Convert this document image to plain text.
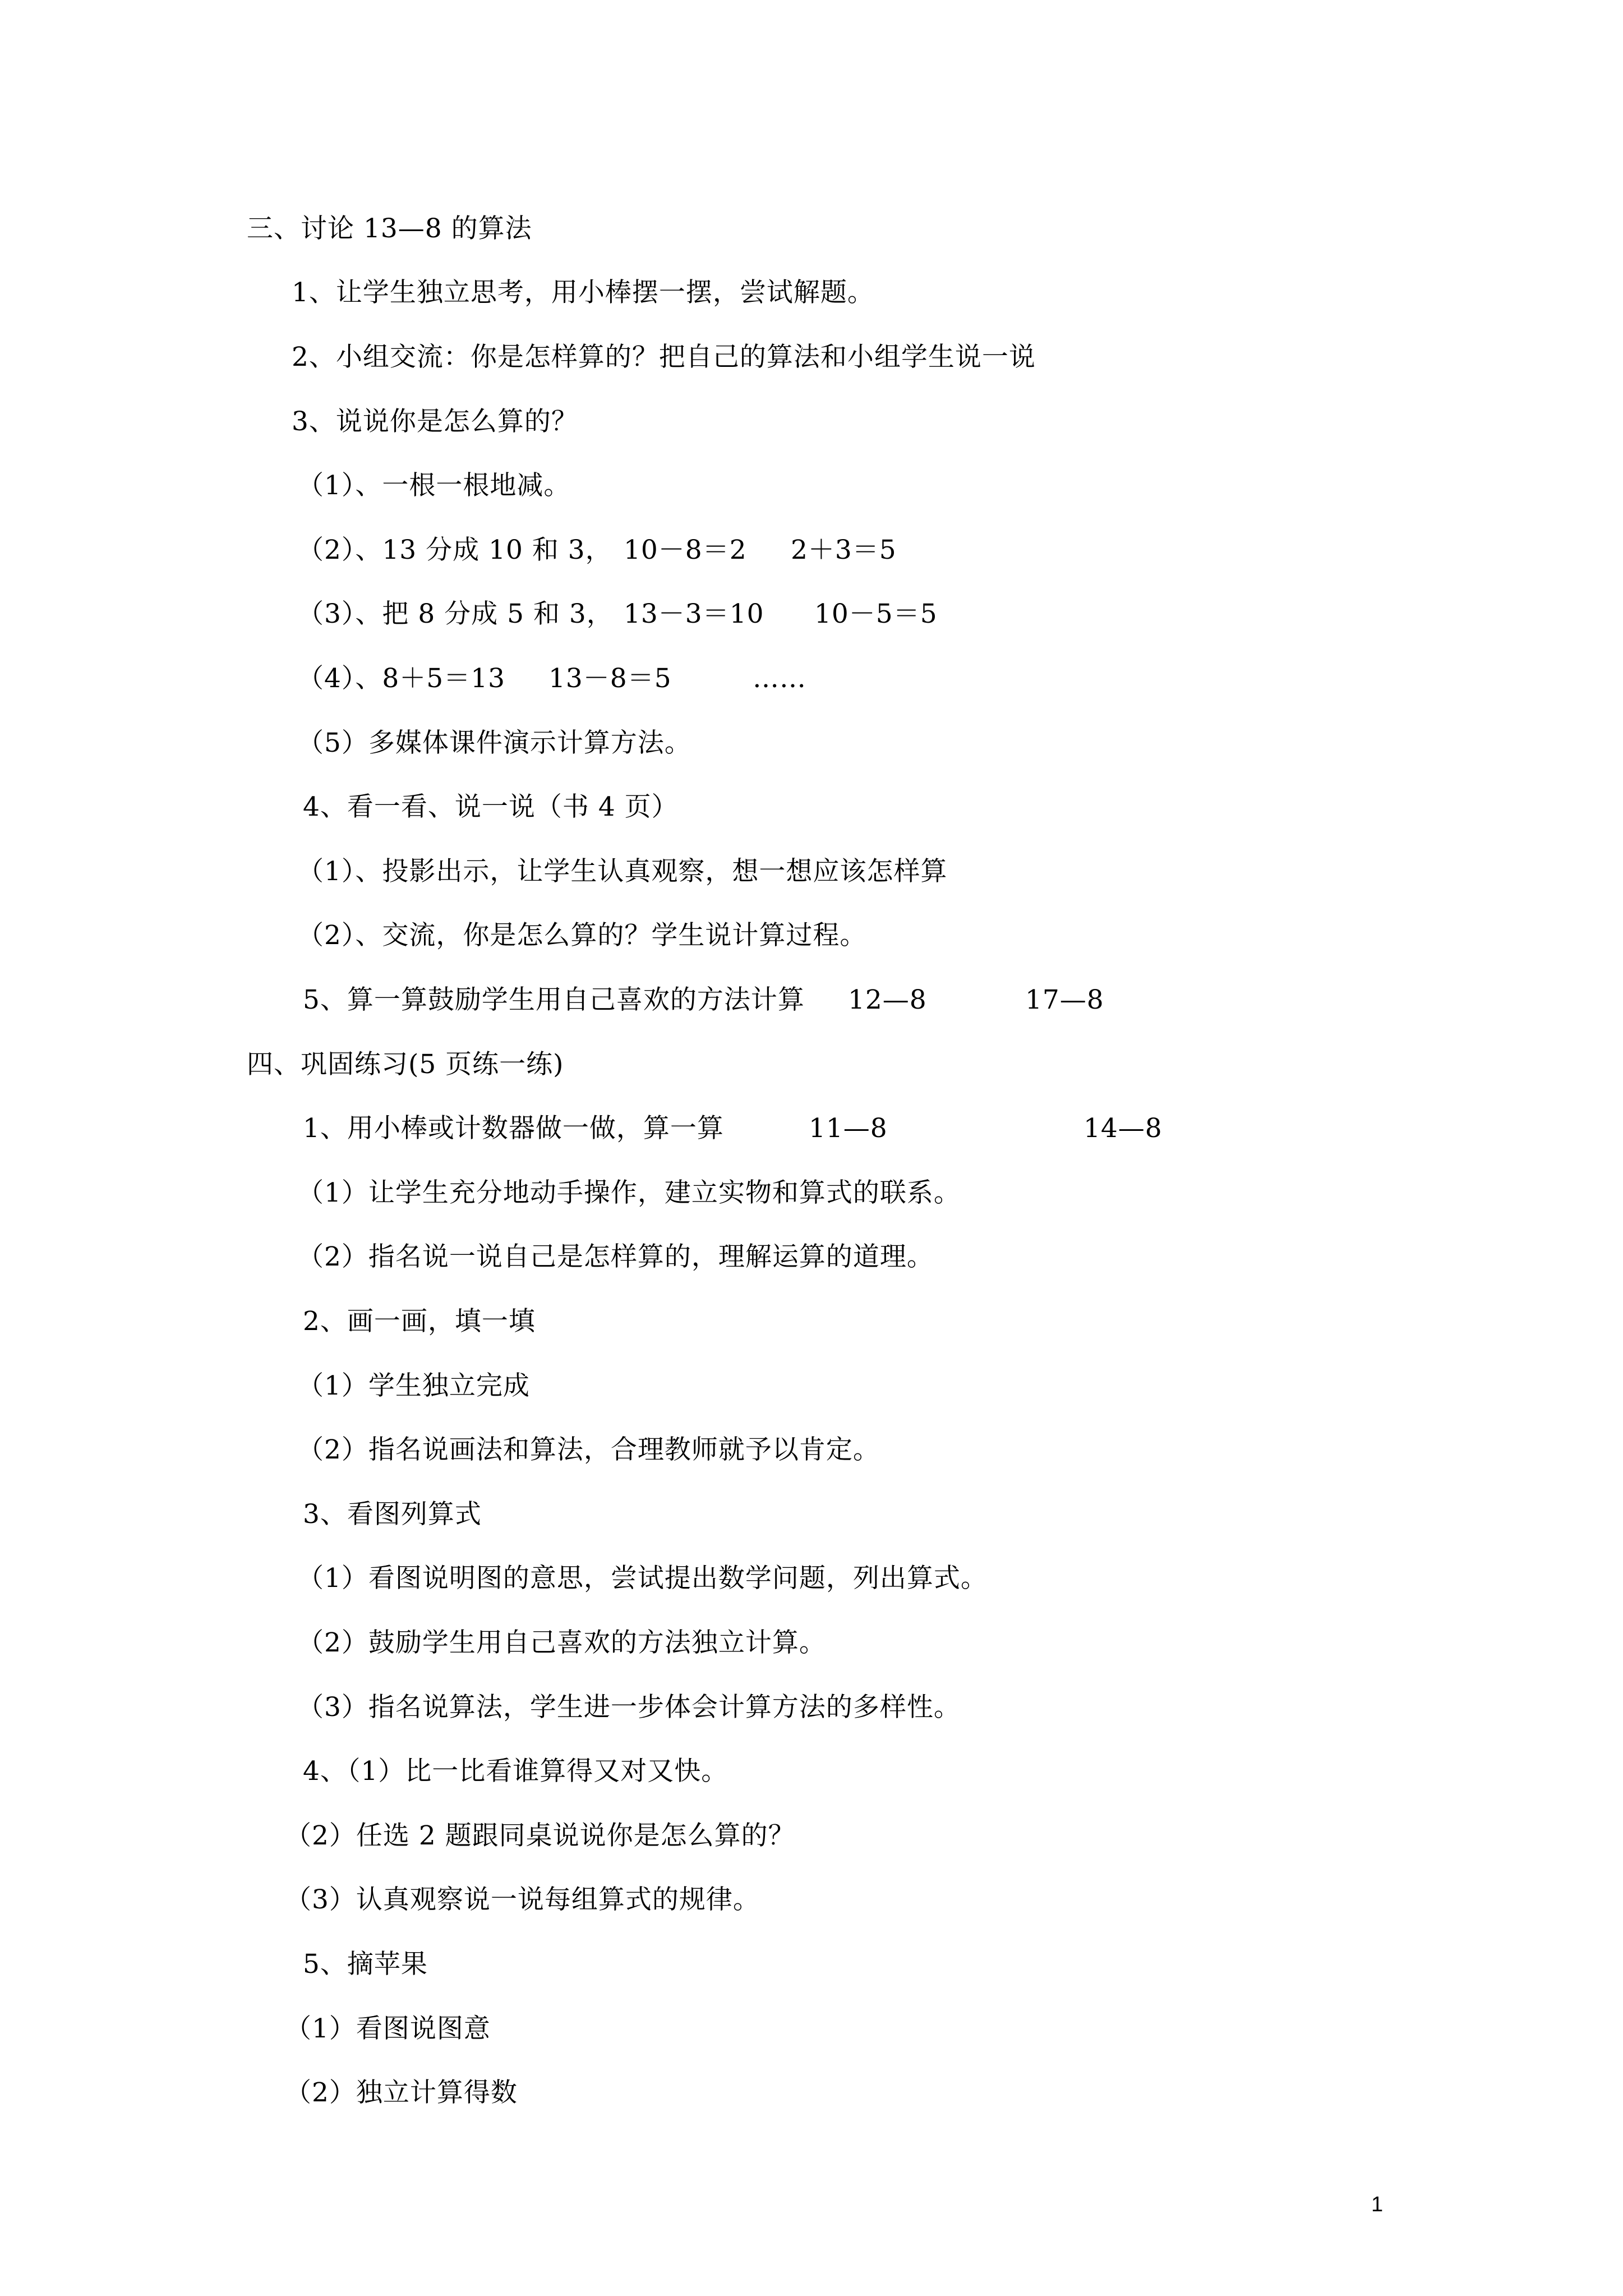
三、讨论 13—8 的算法
1、让学生独立思考，用小棒摆一摆，尝试解题。
2、小组交流：你是怎样算的？把自己的算法和小组学生说一说
3、说说你是怎么算的？
（1）、一根一根地减。

（2）、13 分成 10 和 3，

10－8＝2

2＋3＝5

（3）、把 8 分成 5 和 3，

13－3＝10

10－5＝5

（4）、8＋5＝13

13－8＝5

	……

（5）多媒体课件演示计算方法。
4、看一看、说一说（书 4 页）
（1）、投影出示，让学生认真观察，想一想应该怎样算
（2）、交流，你是怎么算的？学生说计算过程。

5、算一算鼓励学生用自己喜欢的方法计算

12—8

	17—8

四、巩固练习(5 页练一练)

1、用小棒或计数器做一做，算一算

	11—8

	14—8

（1）让学生充分地动手操作，建立实物和算式的联系。
（2）指名说一说自己是怎样算的，理解运算的道理。
2、画一画，填一填
（1）学生独立完成
（2）指名说画法和算法，合理教师就予以肯定。
3、看图列算式
（1）看图说明图的意思，尝试提出数学问题，列出算式。
（2）鼓励学生用自己喜欢的方法独立计算。
（3）指名说算法，学生进一步体会计算方法的多样性。
4、（1）比一比看谁算得又对又快。
（2）任选 2 题跟同桌说说你是怎么算的？
（3）认真观察说一说每组算式的规律。
5、摘苹果
（1）看图说图意
（2）独立计算得数
1
